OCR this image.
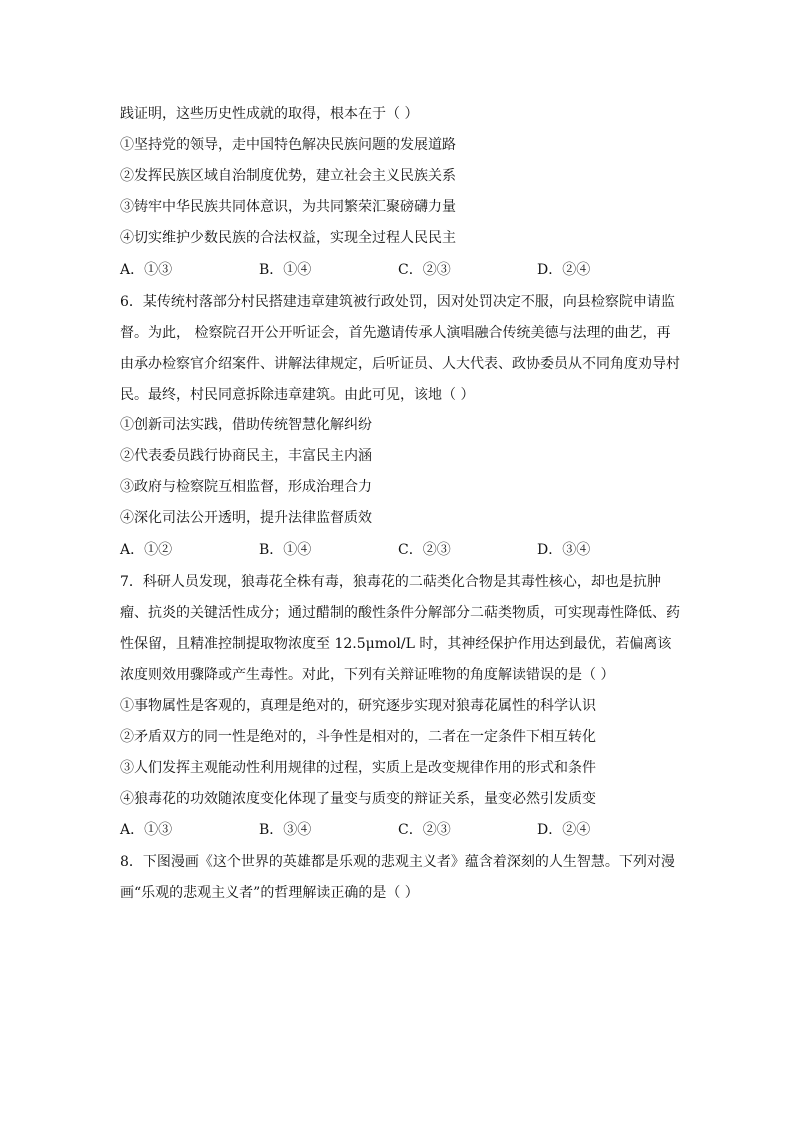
践证明，这些历史性成就的取得，根本在于（ ）
①坚持党的领导，走中国特色解决民族问题的发展道路
②发挥民族区域自治制度优势，建立社会主义民族关系
③铸牢中华民族共同体意识，为共同繁荣汇聚磅礴力量
④切实维护少数民族的合法权益，实现全过程人民民主
A．①③	B．①④	C．②③	D．②④
6．某传统村落部分村民搭建违章建筑被行政处罚，因对处罚决定不服，向县检察院申请监督。为此， 检察院召开公开听证会，首先邀请传承人演唱融合传统美德与法理的曲艺，再由承办检察官介绍案件、讲解法律规定，后听证员、人大代表、政协委员从不同角度劝导村民。最终，村民同意拆除违章建筑。由此可见，该地（ ）
①创新司法实践，借助传统智慧化解纠纷
②代表委员践行协商民主，丰富民主内涵
③政府与检察院互相监督，形成治理合力
④深化司法公开透明，提升法律监督质效
A．①②	B．①④	C．②③	D．③④
7．科研人员发现，狼毒花全株有毒，狼毒花的二萜类化合物是其毒性核心，却也是抗肿瘤、抗炎的关键活性成分；通过醋制的酸性条件分解部分二萜类物质，可实现毒性降低、药性保留，且精准控制提取物浓度至 12.5μmol/L 时，其神经保护作用达到最优，若偏离该浓度则效用骤降或产生毒性。对此，下列有关辩证唯物的角度解读错误的是（ ）
①事物属性是客观的，真理是绝对的，研究逐步实现对狼毒花属性的科学认识
②矛盾双方的同一性是绝对的，斗争性是相对的，二者在一定条件下相互转化
③人们发挥主观能动性利用规律的过程，实质上是改变规律作用的形式和条件
④狼毒花的功效随浓度变化体现了量变与质变的辩证关系，量变必然引发质变
A．①③	B．③④	C．②③	D．②④
8．下图漫画《这个世界的英雄都是乐观的悲观主义者》蕴含着深刻的人生智慧。下列对漫画“乐观的悲观主义者”的哲理解读正确的是（ ）
